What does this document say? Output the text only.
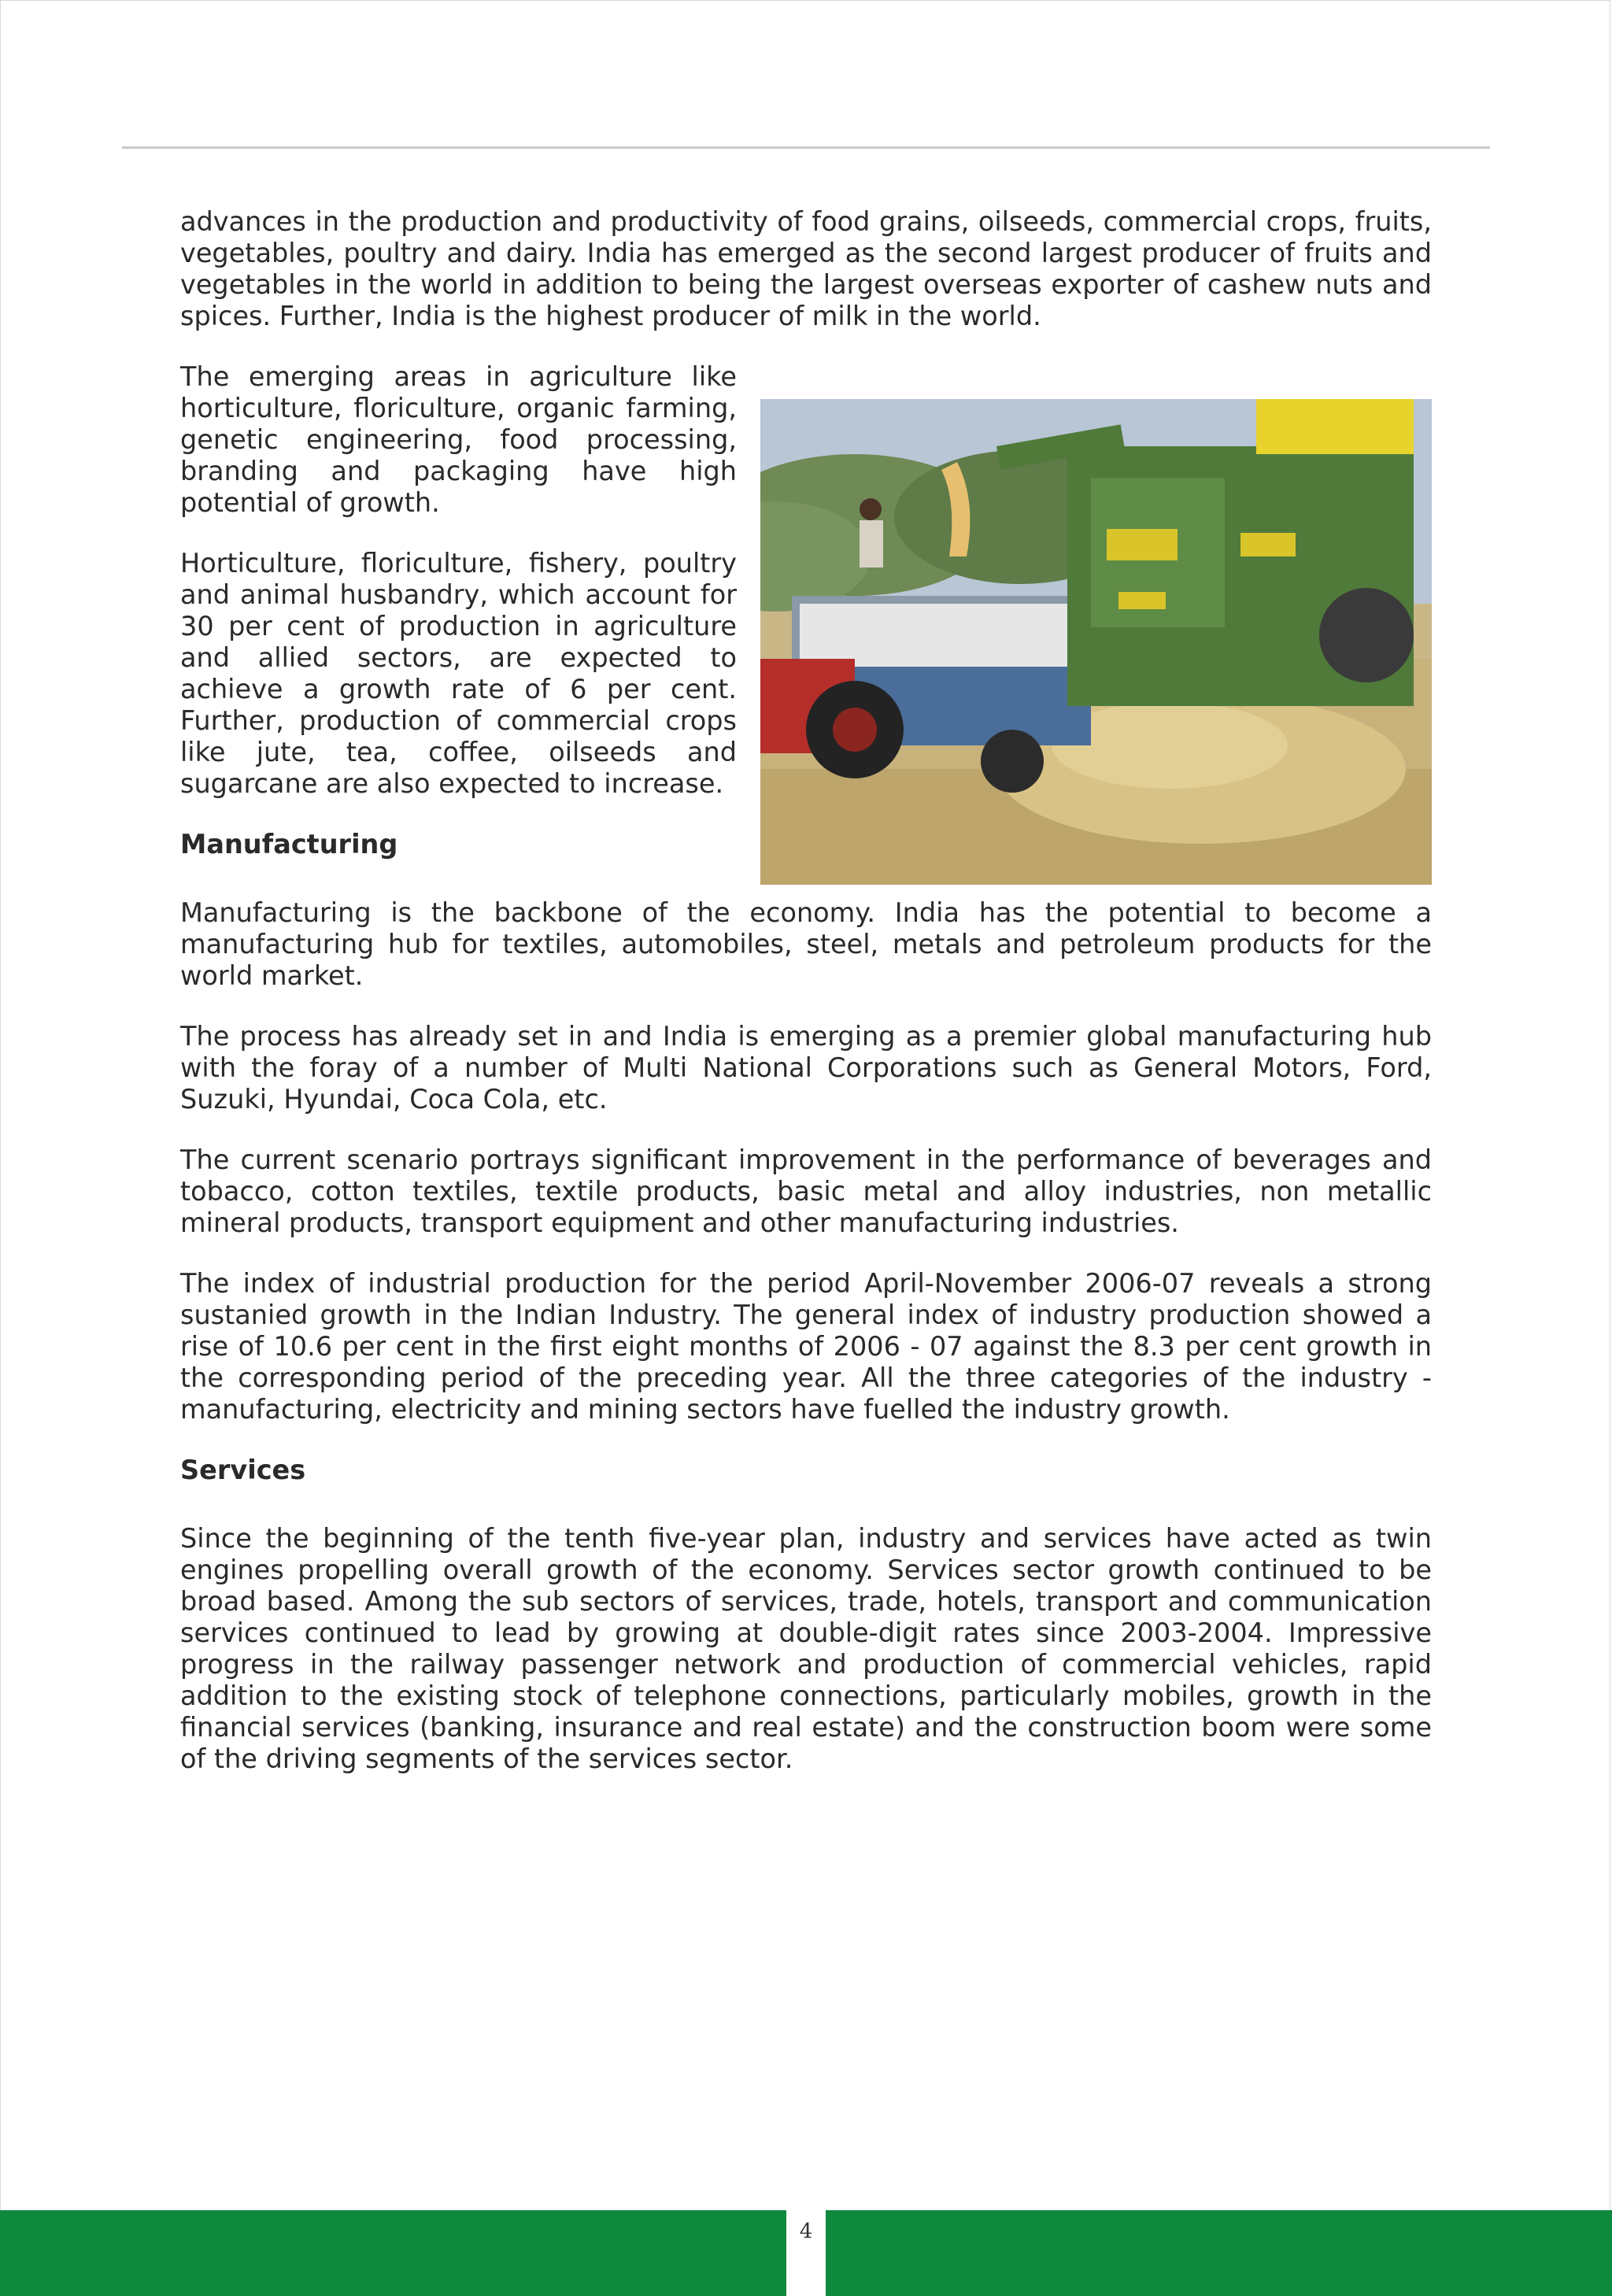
advances in the production and productivity of food grains, oilseeds, commercial crops, fruits, vegetables, poultry and dairy. India has emerged as the second largest producer of fruits and vegetables in the world in addition to being the largest overseas exporter of cashew nuts and spices. Further, India is the highest producer of milk in the world.

The emerging areas in agriculture like horticulture, floriculture, organic farming, genetic engineering, food processing, branding and packaging have high potential of growth.

Horticulture, floriculture, fishery, poultry and animal husbandry, which account for 30 per cent of production in agriculture and allied sectors, are expected to achieve a growth rate of 6 per cent. Further, production of commercial crops like jute, tea, coffee, oilseeds and sugarcane are also expected to increase.

Manufacturing

Manufacturing is the backbone of the economy. India has the potential to become a manufacturing hub for textiles, automobiles, steel, metals and petroleum products for the world market.

The process has already set in and India is emerging as a premier global manufacturing hub with the foray of a number of Multi National Corporations such as General Motors, Ford, Suzuki, Hyundai, Coca Cola, etc.

The current scenario portrays significant improvement in the performance of beverages and tobacco, cotton textiles, textile products, basic metal and alloy industries, non metallic mineral products, transport equipment and other manufacturing industries.

The index of industrial production for the period April-November 2006-07 reveals a strong sustanied growth in the Indian Industry. The general index of industry production showed a rise of 10.6 per cent in the first eight months of 2006 - 07 against the 8.3 per cent growth in the corresponding period of the preceding year. All the three categories of the industry - manufacturing, electricity and mining sectors have fuelled the industry growth.

Services

Since the beginning of the tenth five-year plan, industry and services have acted as twin engines propelling overall growth of the economy. Services sector growth continued to be broad based. Among the sub sectors of services, trade, hotels, transport and communication services continued to lead by growing at double-digit rates since 2003-2004. Impressive progress in the railway passenger network and production of commercial vehicles, rapid addition to the existing stock of telephone connections, particularly mobiles, growth in the financial services (banking, insurance and real estate) and the construction boom were some of the driving segments of the services sector.

4
